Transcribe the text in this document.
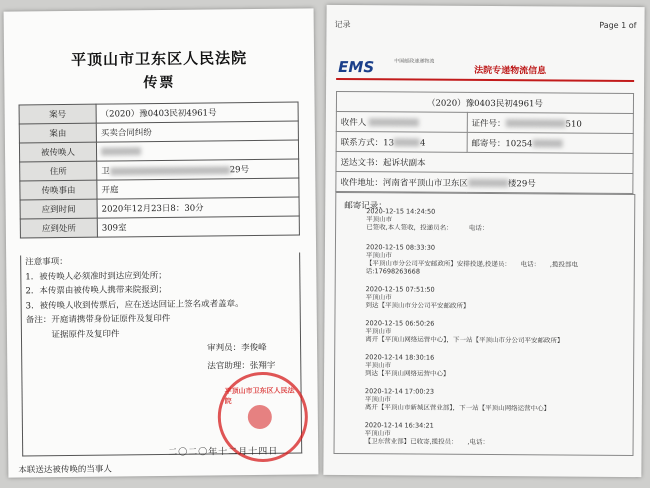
平顶山市卫东区人民法院
传票
案号	（2020）豫0403民初4961号
案由	买卖合同纠纷
被传唤人	
住所	卫 29号
传唤事由	开庭
应到时间	2020年12月23日8：30分
应到处所	309室

注意事项：

1．被传唤人必须准时到达应到处所；

2．本传票由被传唤人携带来院报到；

3．被传唤人收到传票后，应在送达回证上签名或者盖章。

备注：开庭请携带身份证原件及复印件

　　　证据原件及复印件

审判员：李俊峰
法官助理：张翔宇
平顶山市卫东区人民法院
二〇二〇年十二月十四日
本联送达被传唤的当事人
记录	Page 1 of
EMS	中国邮政速递物流
法院专递物流信息
（2020）豫0403民初4961号	
收件人	证件号： 510
联系方式：13 4	邮寄号：10254
送达文书：起诉状副本	
收件地址：河南省平顶山市卫东区 楼29号	
邮寄记录：
2020-12-15 14:24:50
平顶山市
已签收,本人签收，投递员名：　　　电话：
2020-12-15 08:33:30
平顶山市
【平顶山市分公司平安邮政所】安排投递,投递员：　　电话：　　,揽投部电
话:17698263668
2020-12-15 07:51:50
平顶山市
到达【平顶山市分公司平安邮政所】
2020-12-15 06:50:26
平顶山市
离开【平顶山网络运营中心】，下一站【平顶山市分公司平安邮政所】
2020-12-14 18:30:16
平顶山市
到达【平顶山网络运营中心】
2020-12-14 17:00:23
平顶山市
离开【平顶山市新城区营业部】，下一站【平顶山网络运营中心】
2020-12-14 16:34:21
平顶山市
【卫东营业部】已收寄,揽投员：　　,电话：
